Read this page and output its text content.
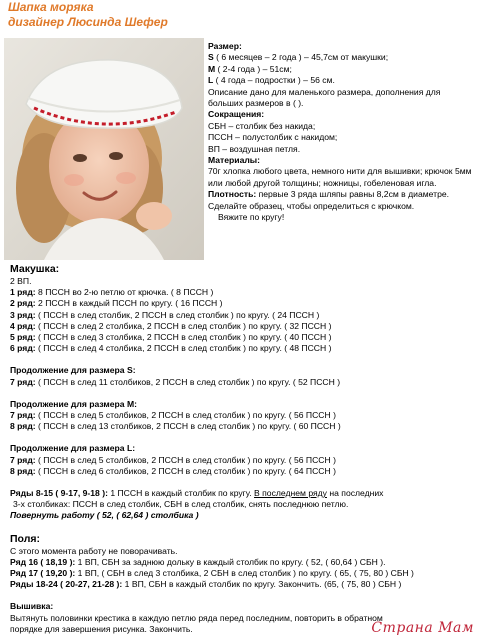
Шапка моряка
дизайнер Люсинда Шефер

Размер:

S ( 6 месяцев – 2 года ) – 45,7см от макушки;

M ( 2-4 года ) – 51см;

L ( 4 года – подростки ) – 56 см.

Описание дано для маленького размера, дополнения для больших размеров в ( ).

Сокращения:

СБН – столбик без накида;

ПССН – полустолбик с накидом;

ВП – воздушная петля.

Материалы:

70г хлопка любого цвета, немного нити для вышивки; крючок 5мм или любой другой толщины; ножницы, гобеленовая игла.

Плотность: первые 3 ряда шляпы равны 8,2см в диаметре. Сделайте образец, чтобы определиться с крючком.

Вяжите по кругу!

Макушка:

2 ВП.

1 ряд: 8 ПССН во 2-ю петлю от крючка. ( 8 ПССН )

2 ряд: 2 ПССН в каждый ПССН по кругу. ( 16 ПССН )

3 ряд: ( ПССН в след столбик, 2 ПССН в след столбик ) по кругу. ( 24 ПССН )

4 ряд: ( ПССН в след 2 столбика, 2 ПССН в след столбик ) по кругу. ( 32 ПССН )

5 ряд: ( ПССН в след 3 столбика, 2 ПССН в след столбик ) по кругу. ( 40 ПССН )

6 ряд: ( ПССН в след 4 столбика, 2 ПССН в след столбик ) по кругу. ( 48 ПССН )

Продолжение для размера S:

7 ряд: ( ПССН в след 11 столбиков, 2 ПССН в след столбик ) по кругу. ( 52 ПССН )

Продолжение для размера M:

7 ряд: ( ПССН в след 5 столбиков, 2 ПССН в след столбик ) по кругу. ( 56 ПССН )

8 ряд: ( ПССН в след 13 столбиков, 2 ПССН в след столбик ) по кругу. ( 60 ПССН )

Продолжение для размера L:

7 ряд: ( ПССН в след 5 столбиков, 2 ПССН в след столбик ) по кругу. ( 56 ПССН )

8 ряд: ( ПССН в след 6 столбиков, 2 ПССН в след столбик ) по кругу. ( 64 ПССН )

Ряды 8-15 ( 9-17, 9-18 ): 1 ПССН в каждый столбик по кругу. В последнем ряду на последних

3-х столбиках: ПССН в след столбик, СБН в след столбик, снять последнюю петлю.

Повернуть работу ( 52, ( 62,64 ) столбика )

Поля:

С этого момента работу не поворачивать.

Ряд 16 ( 18,19 ): 1 ВП, СБН за заднюю дольку в каждый столбик по кругу. ( 52, ( 60,64 ) СБН ).

Ряд 17 ( 19,20 ): 1 ВП, ( СБН в след 3 столбика, 2 СБН в след столбик ) по кругу. ( 65, ( 75, 80 ) СБН )

Ряды 18-24 ( 20-27, 21-28 ): 1 ВП, СБН в каждый столбик по кругу. Закончить. (65, ( 75, 80 ) СБН )

Вышивка:

Вытянуть половинки крестика в каждую петлю ряда перед последним, повторить в обратном

порядке для завершения рисунка. Закончить.	Страна Мам
